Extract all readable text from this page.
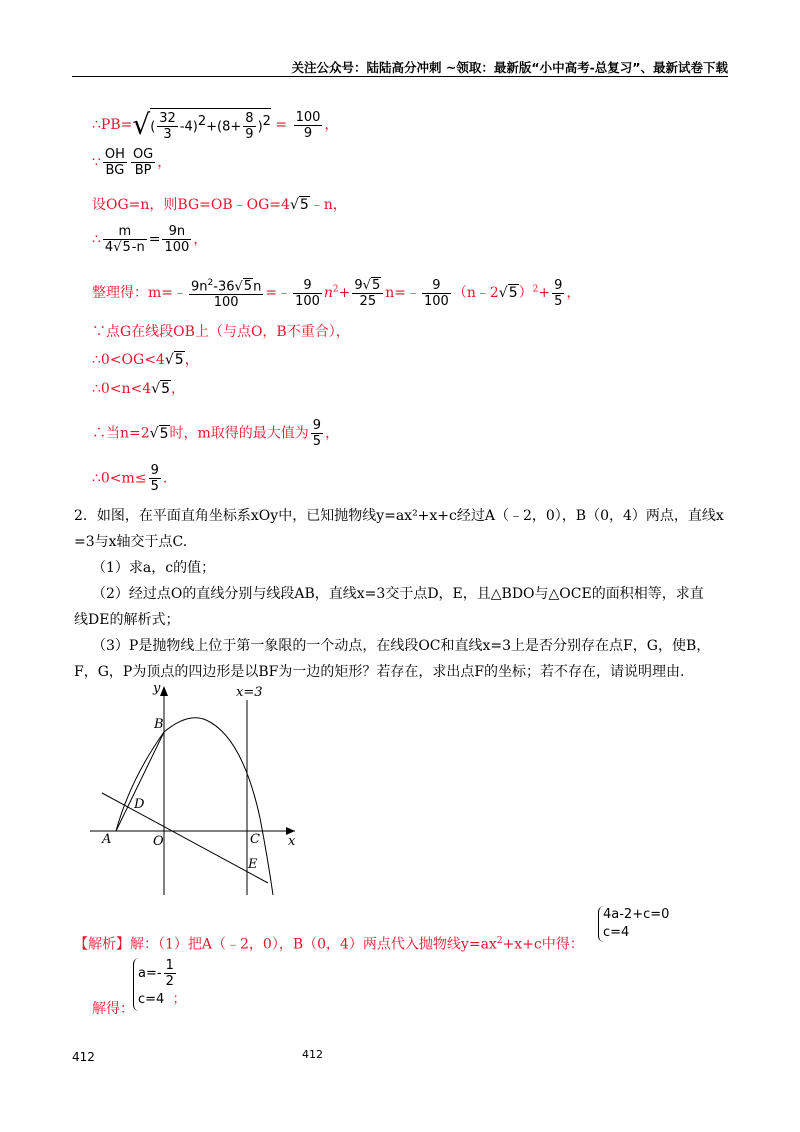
关注公众号：陆陆高分冲刺 ~领取：最新版“小中高考-总复习”、最新试卷下载
∴PB=√( $\frac{32}{3} -4)2+(8+ \frac{8}{9} )2 = \frac{100}{9}$ ，
∵ $\frac{OH}{BG} \frac{OG}{BP}$ ，
设OG=n，则BG=OB﹣OG=4√5﹣n，
∴ $\frac{m}{4√5-n} = \frac{9n}{100}$ ，
整理得：m=﹣ $\frac{9n^2-36√5n}{100}$ =﹣ $\frac{9}{100} n^2+ \frac{9√5}{25}$ n=﹣ $\frac{9}{100}$ （n﹣2√5）$^2$+ $\frac{9}{5}$ ，
∵点G在线段OB上（与点O，B不重合），
∴0<OG<4√5，
∴0<n<4√5，
∴当n=2√5时，m取得的最大值为 $\frac{9}{5}$ ，
∴0<m≤ $\frac{9}{5}$ .
2．如图，在平面直角坐标系xOy中，已知抛物线y=ax²+x+c经过A（﹣2，0），B（0，4）两点，直线x
=3与x轴交于点C.
（1）求a，c的值；
（2）经过点O的直线分别与线段AB，直线x=3交于点D，E，且△BDO与△OCE的面积相等，求直
线DE的解析式；
（3）P是抛物线上位于第一象限的一个动点，在线段OC和直线x=3上是否分别存在点F，G，使B，
F，G，P为顶点的四边形是以BF为一边的矩形？若存在，求出点F的坐标；若不存在，请说明理由.
y
x
x=3
B
D
A	O	C
E
【解析】解：（1）把A（﹣2，0），B（0，4）两点代入抛物线$y=ax^2+x+c$中得：
4a-2+c=0
c=4
解得：
$a=- \frac{1}{2}$
c=4 ；
412	412
